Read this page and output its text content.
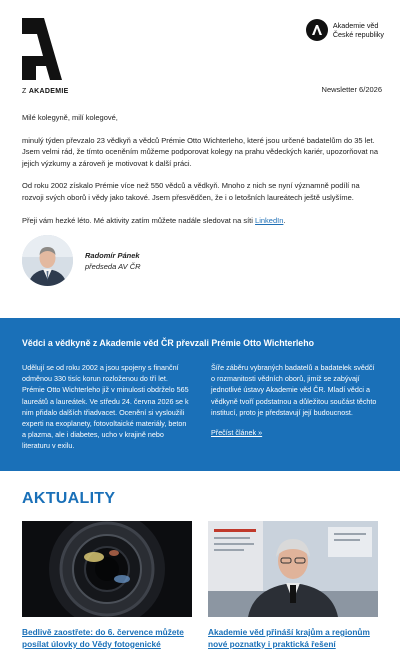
Z AKADEMIE
Akademie věd
České republiky
Newsletter 6/2026

Milé kolegyně, milí kolegové,

minulý týden převzalo 23 vědkyň a vědců Prémie Otto Wichterleho, které jsou určené badatelům do 35 let. Jsem velmi rád, že tímto oceněním můžeme podporovat kolegy na prahu vědeckých kariér, upozorňovat na jejich výzkumy a zároveň je motivovat k další práci.

Od roku 2002 získalo Prémie více než 550 vědců a vědkyň. Mnoho z nich se nyní významně podílí na rozvoji svých oborů i vědy jako takové. Jsem přesvědčen, že i o letošních laureátech ještě uslyšíme.

Přeji vám hezké léto. Mé aktivity zatím můžete nadále sledovat na síti LinkedIn.

Radomír Pánek
předseda AV ČR
Vědci a vědkyně z Akademie věd ČR převzali Prémie Otto Wichterleho
Udělují se od roku 2002 a jsou spojeny s finanční odměnou 330 tisíc korun rozloženou do tří let. Prémie Otto Wichterleho již v minulosti obdrželo 565 laureátů a laureátek. Ve středu 24. června 2026 se k nim přidalo dalších třiadvacet. Ocenění si vysloužili experti na exoplanety, fotovoltaické materiály, beton a plazma, ale i diabetes, ucho v krajině nebo literaturu v exilu.
Šíře záběru vybraných badatelů a badatelek svědčí o rozmanitosti vědních oborů, jimiž se zabývají jednotlivé ústavy Akademie věd ČR. Mladí vědci a vědkyně tvoří podstatnou a důležitou součást těchto institucí, proto je představují její budoucnost.
Přečíst článek »
AKTUALITY
Bedlivě zaostřete: do 6. července můžete posílat úlovky do Vědy fotogenické
Akademie věd přináší krajům a regionům nové poznatky i praktická řešení
